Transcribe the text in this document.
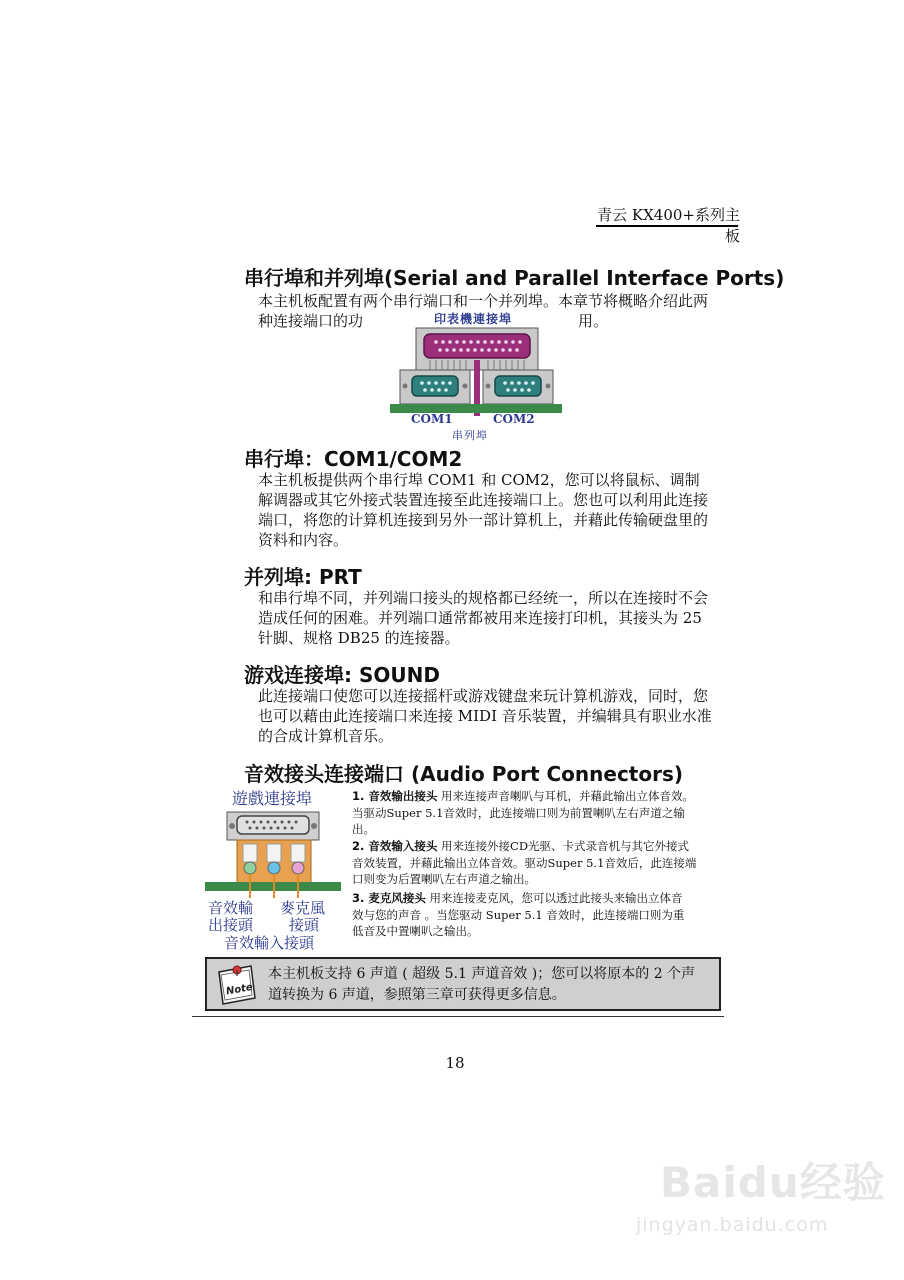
青云 KX400+系列主板
串行埠和并列埠(Serial and Parallel Interface Ports)
本主机板配置有两个串行端口和一个并列埠。本章节将概略介绍此两
种连接端口的功	用。
印表機連接埠
COM1	COM2
串列埠
串行埠：COM1/COM2
本主机板提供两个串行埠 COM1 和 COM2，您可以将鼠标、调制
解调器或其它外接式装置连接至此连接端口上。您也可以利用此连接
端口，将您的计算机连接到另外一部计算机上，并藉此传输硬盘里的
资料和内容。
并列埠: PRT
和串行埠不同，并列端口接头的规格都已经统一，所以在连接时不会
造成任何的困难。并列端口通常都被用来连接打印机，其接头为 25
针脚、规格 DB25 的连接器。
游戏连接埠: SOUND
此连接端口使您可以连接摇杆或游戏键盘来玩计算机游戏，同时，您
也可以藉由此连接端口来连接 MIDI 音乐装置，并编辑具有职业水准
的合成计算机音乐。
音效接头连接端口 (Audio Port Connectors)
遊戲連接埠
音效輸
出接頭
麥克風
接頭
音效輸入接頭
1. 音效输出接头 用来连接声音喇叭与耳机，并藉此输出立体音效。
当驱动Super 5.1音效时，此连接端口则为前置喇叭左右声道之输
出。
2. 音效输入接头 用来连接外接CD光驱、卡式录音机与其它外接式
音效装置，并藉此输出立体音效。驱动Super 5.1音效后，此连接端
口则变为后置喇叭左右声道之输出。
3. 麦克风接头 用来连接麦克风，您可以透过此接头来输出立体音
效与您的声音 。当您驱动 Super 5.1 音效时，此连接端口则为重
低音及中置喇叭之输出。
Note
本主机板支持 6 声道 ( 超级 5.1 声道音效 )；您可以将原本的 2 个声
道转换为 6 声道，参照第三章可获得更多信息。
18
Baidu经验
jingyan.baidu.com
